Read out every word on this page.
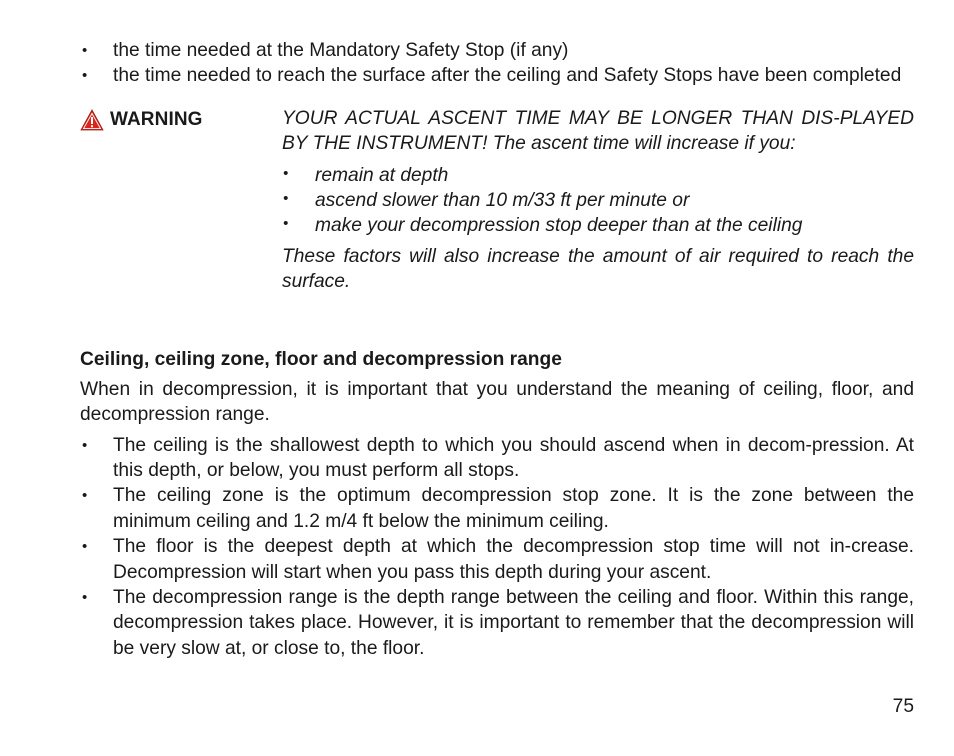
• the time needed at the Mandatory Safety Stop (if any)
• the time needed to reach the surface after the ceiling and Safety Stops have been completed
WARNING	YOUR ACTUAL ASCENT TIME MAY BE LONGER THAN DIS-PLAYED BY THE INSTRUMENT! The ascent time will increase if you:

• remain at depth
• ascend slower than 10 m/33 ft per minute or
• make your decompression stop deeper than at the ceiling

These factors will also increase the amount of air required to reach the surface.

Ceiling, ceiling zone, floor and decompression range

When in decompression, it is important that you understand the meaning of ceiling, floor, and decompression range.

• The ceiling is the shallowest depth to which you should ascend when in decom-pression. At this depth, or below, you must perform all stops.
• The ceiling zone is the optimum decompression stop zone. It is the zone between the minimum ceiling and 1.2 m/4 ft below the minimum ceiling.
• The floor is the deepest depth at which the decompression stop time will not in-crease. Decompression will start when you pass this depth during your ascent.
• The decompression range is the depth range between the ceiling and floor. Within this range, decompression takes place. However, it is important to remember that the decompression will be very slow at, or close to, the floor.
75
